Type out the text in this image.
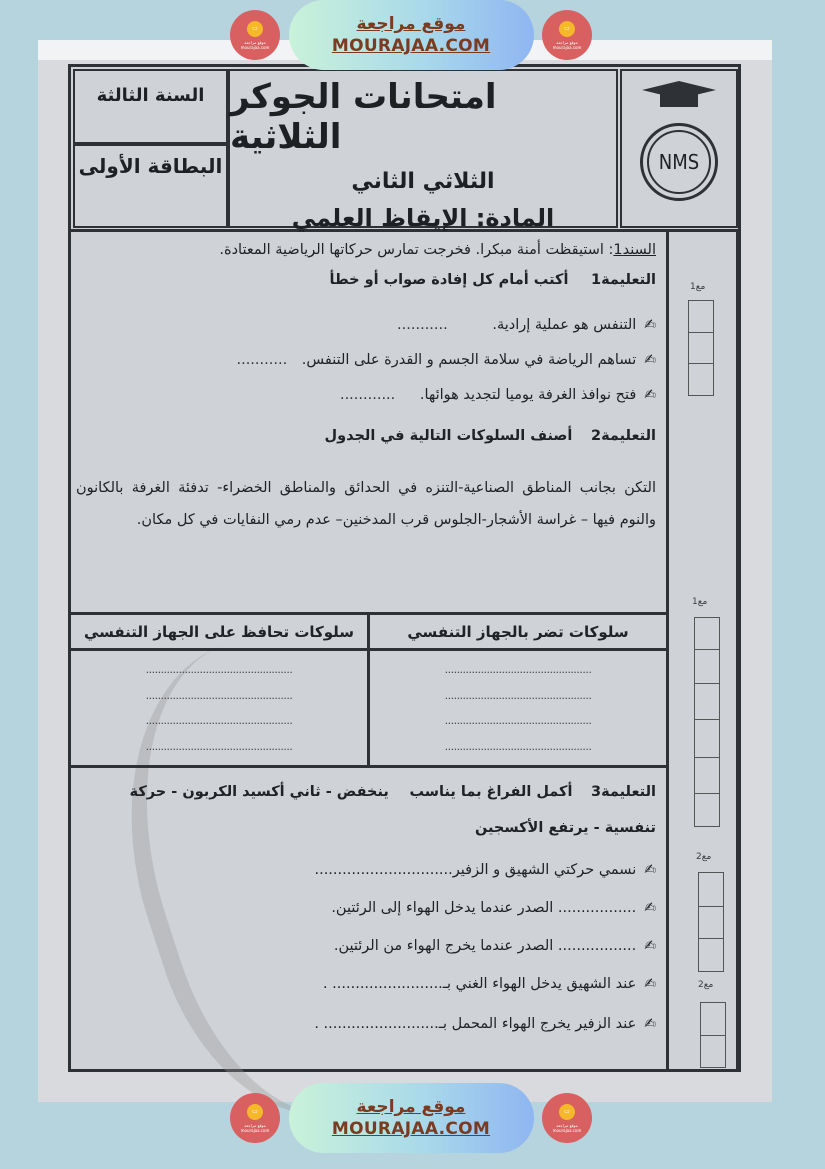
▭
موقع مراجعة mourajaa.com
موقع مراجعة
MOURAJAA.COM
▭
موقع مراجعة mourajaa.com
السنة الثالثة
البطاقة الأولى
امتحانات الجوكر الثلاثية
الثلاثي الثاني
المادة: الإيقاظ العلمي
NMS
السند1: استيقظت أمنة مبكرا. فخرجت تمارس حركاتها الرياضية المعتادة.
التعليمة1 أكتب أمام كل إفادة صواب أو خطأ
✍التنفس هو عملية إرادية. ...........
✍تساهم الرياضة في سلامة الجسم و القدرة على التنفس. ...........
✍فتح نوافذ الغرفة يوميا لتجديد هوائها. ............
التعليمة2 أصنف السلوكات التالية في الجدول
التكن بجانب المناطق الصناعية-التنزه في الحدائق والمناطق الخضراء- تدفئة الغرفة بالكانون والنوم فيها – غراسة الأشجار-الجلوس قرب المدخنين– عدم رمي النفايات في كل مكان.
سلوكات تضر بالجهاز التنفسي
.................................................
.................................................
.................................................
.................................................
سلوكات تحافظ على الجهاز التنفسي
.................................................
.................................................
.................................................
.................................................
التعليمة3 أكمل الفراغ بما يناسب ينخفض - ثاني أكسيد الكربون - حركة
تنفسية - يرتفع الأكسجين
✍نسمي حركتي الشهيق و الزفير..............................
✍................. الصدر عندما يدخل الهواء إلى الرئتين.
✍................. الصدر عندما يخرج الهواء من الرئتين.
✍عند الشهيق يدخل الهواء الغني بـ........................ .
✍عند الزفير يخرج الهواء المحمل بـ......................... .
مع1
مع1
مع2
مع2
▭
موقع مراجعة mourajaa.com
موقع مراجعة
MOURAJAA.COM
▭
موقع مراجعة mourajaa.com
